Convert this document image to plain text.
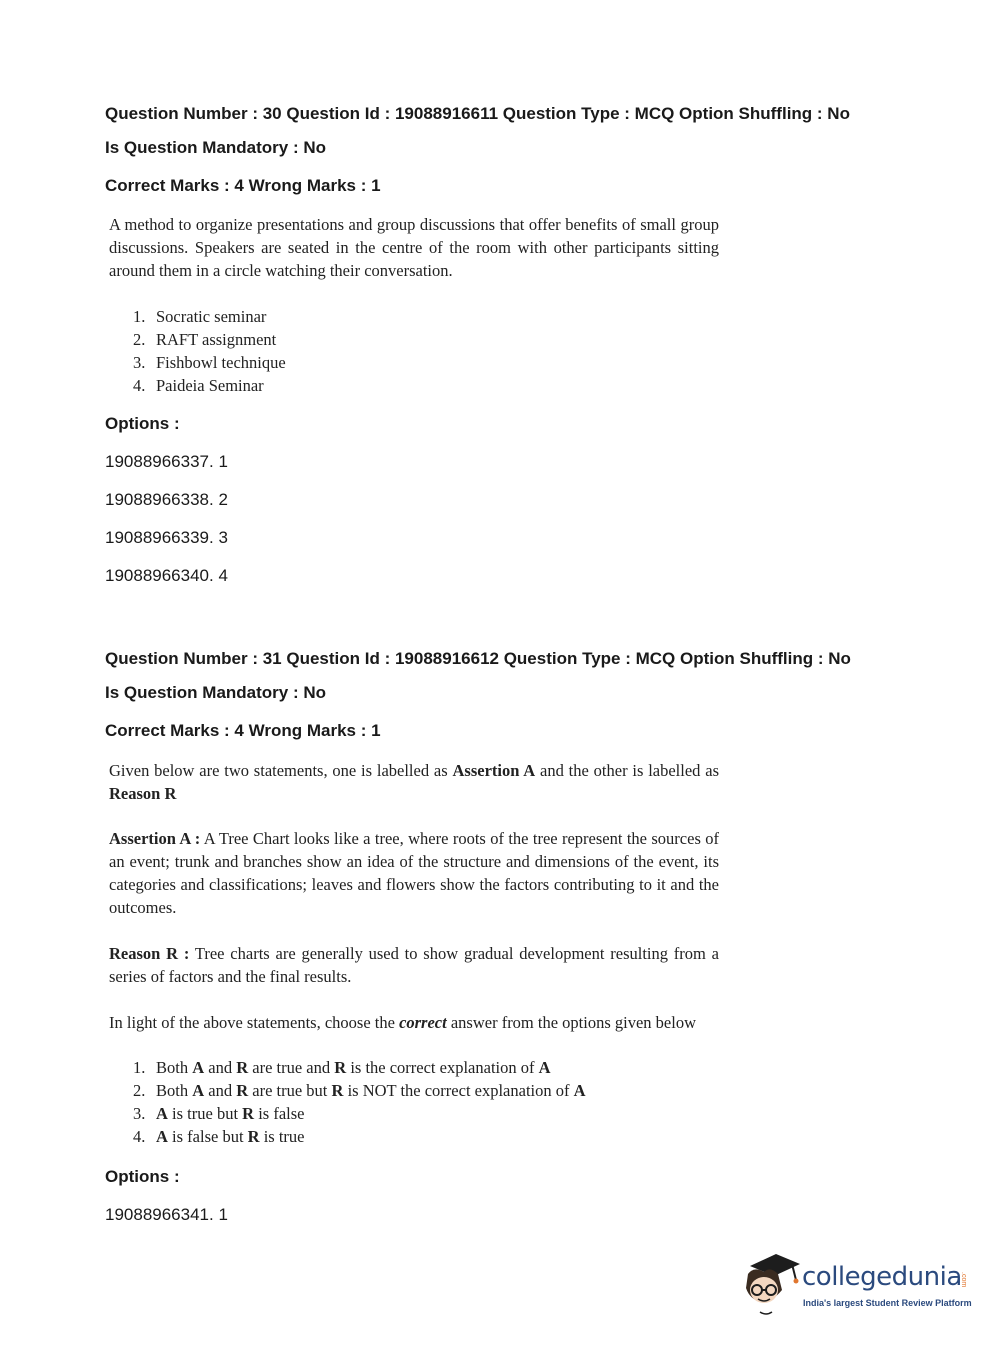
Question Number : 30 Question Id : 19088916611 Question Type : MCQ Option Shuffling : No
Is Question Mandatory : No
Correct Marks : 4 Wrong Marks : 1
A method to organize presentations and group discussions that offer benefits of small group discussions. Speakers are seated in the centre of the room with other participants sitting around them in a circle watching their conversation.
1. Socratic seminar
2. RAFT assignment
3. Fishbowl technique
4. Paideia Seminar
Options :
19088966337. 1
19088966338. 2
19088966339. 3
19088966340. 4
Question Number : 31 Question Id : 19088916612 Question Type : MCQ Option Shuffling : No
Is Question Mandatory : No
Correct Marks : 4 Wrong Marks : 1
Given below are two statements, one is labelled as Assertion A and the other is labelled as Reason R
Assertion A : A Tree Chart looks like a tree, where roots of the tree represent the sources of an event; trunk and branches show an idea of the structure and dimensions of the event, its categories and classifications; leaves and flowers show the factors contributing to it and the outcomes.
Reason R : Tree charts are generally used to show gradual development resulting from a series of factors and the final results.
In light of the above statements, choose the correct answer from the options given below
1. Both A and R are true and R is the correct explanation of A
2. Both A and R are true but R is NOT the correct explanation of A
3. A is true but R is false
4. A is false but R is true
Options :
19088966341. 1
collegedunia
.com
India's largest Student Review Platform
